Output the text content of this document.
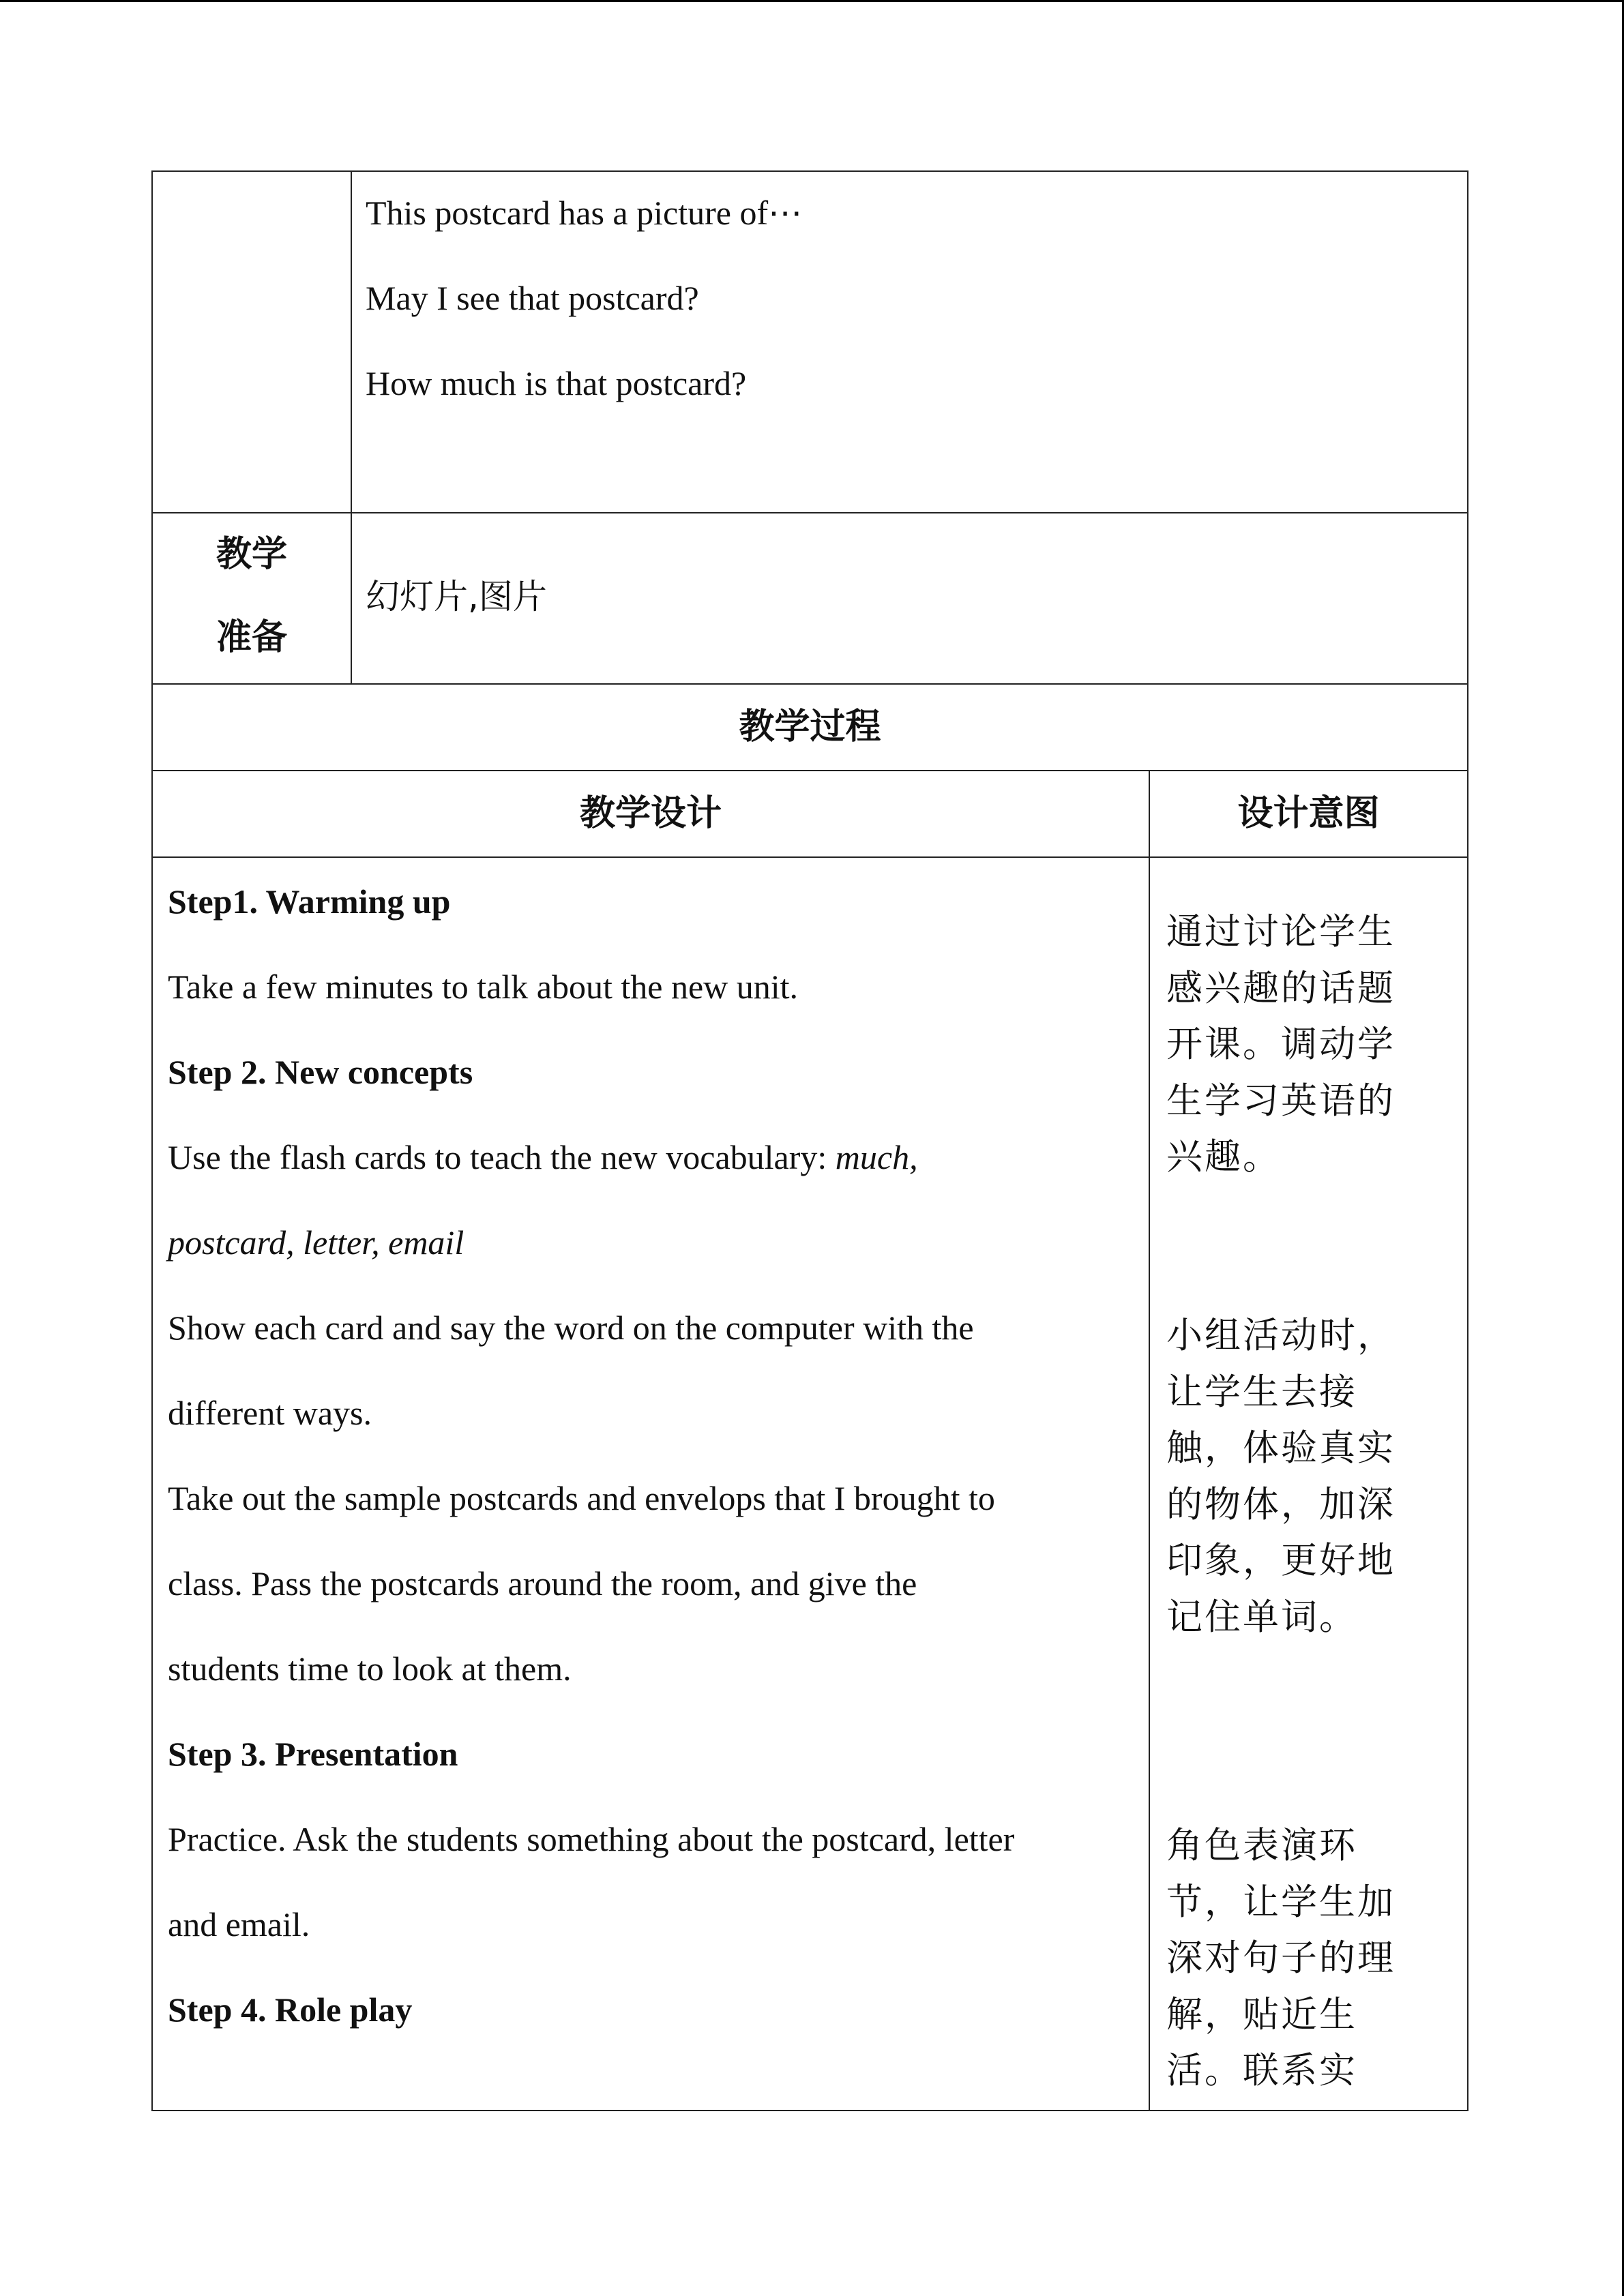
This postcard has a picture of⋯
May I see that postcard?
How much is that postcard?
教学
准备
幻灯片,图片
教学过程
教学设计	设计意图
Step1. Warming up
Take a few minutes to talk about the new unit.
Step 2. New concepts
Use the flash cards to teach the new vocabulary: much,
postcard, letter, email
Show each card and say the word on the computer with the
different ways.
Take out the sample postcards and envelops that I brought to
class. Pass the postcards around the room, and give the
students time to look at them.
Step 3. Presentation
Practice. Ask the students something about the postcard, letter
and email.
Step 4. Role play
通过讨论学生
感兴趣的话题
开课。调动学
生学习英语的
兴趣。
小组活动时，
让学生去接
触，体验真实
的物体，加深
印象，更好地
记住单词。
角色表演环
节，让学生加
深对句子的理
解，贴近生
活。联系实
